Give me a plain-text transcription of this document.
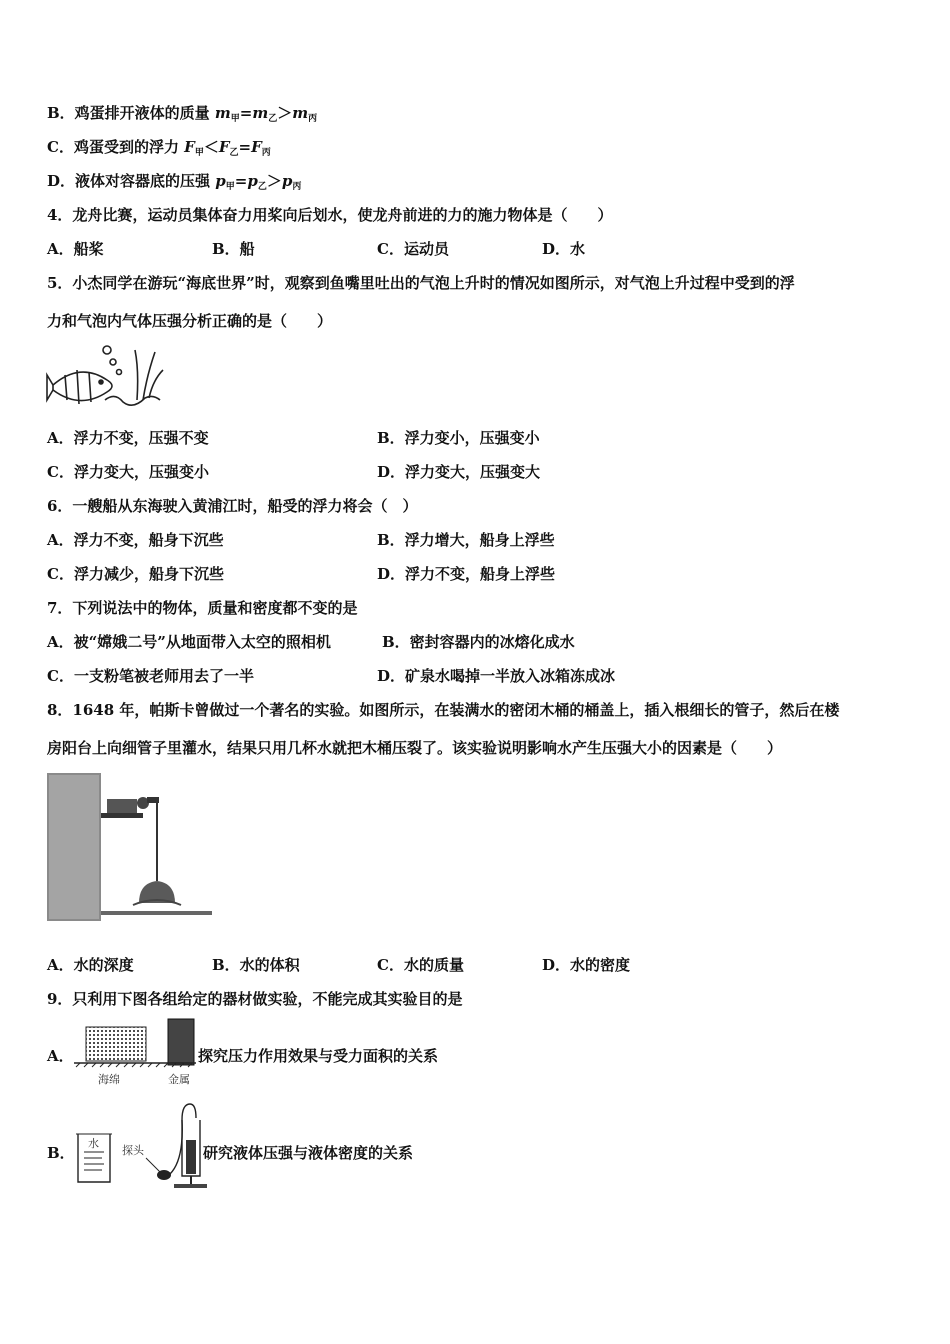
B．鸡蛋排开液体的质量 $m_甲=m_乙>m_丙$
C．鸡蛋受到的浮力 $F_甲<F_乙=F_丙$
D．液体对容器底的压强 $p_甲=p_乙>p_丙$
4．龙舟比赛，运动员集体奋力用桨向后划水，使龙舟前进的力的施力物体是（　　）
A．船桨	B．船	C．运动员	D．水
5．小杰同学在游玩“海底世界”时，观察到鱼嘴里吐出的气泡上升时的情况如图所示，对气泡上升过程中受到的浮
力和气泡内气体压强分析正确的是（　　）
A．浮力不变，压强不变	B．浮力变小，压强变小
C．浮力变大，压强变小	D．浮力变大，压强变大
6．一艘船从东海驶入黄浦江时，船受的浮力将会（　）
A．浮力不变，船身下沉些	B．浮力增大，船身上浮些
C．浮力减少，船身下沉些	D．浮力不变，船身上浮些
7．下列说法中的物体，质量和密度都不变的是
A．被“嫦娥二号”从地面带入太空的照相机	B．密封容器内的冰熔化成水
C．一支粉笔被老师用去了一半	D．矿泉水喝掉一半放入冰箱冻成冰
8．1648 年，帕斯卡曾做过一个著名的实验。如图所示，在装满水的密闭木桶的桶盖上，插入根细长的管子，然后在楼
房阳台上向细管子里灌水，结果只用几杯水就把木桶压裂了。该实验说明影响水产生压强大小的因素是（　　）
A．水的深度	B．水的体积	C．水的质量	D．水的密度
9．只利用下图各组给定的器材做实验，不能完成其实验目的是
A．
海绵	金属
探究压力作用效果与受力面积的关系
B．
水
探头	研究液体压强与液体密度的关系
